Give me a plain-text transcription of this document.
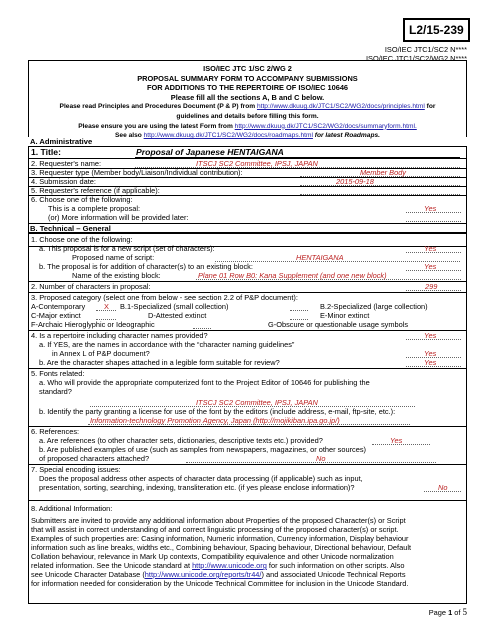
L2/15-239
ISO/IEC JTC1/SC2 N****
ISO/IEC JTC1/SC2/WG2 N****
ISO/IEC JTC 1/SC 2/WG 2
PROPOSAL SUMMARY FORM TO ACCOMPANY SUBMISSIONS
FOR ADDITIONS TO THE REPERTOIRE OF ISO/IEC 10646
Please fill all the sections A, B and C below.
Please read Principles and Procedures Document (P & P) from http://www.dkuug.dk/JTC1/SC2/WG2/docs/principles.html for
guidelines and details before filling this form.
Please ensure you are using the latest Form from http://www.dkuug.dk/JTC1/SC2/WG2/docs/summaryform.html.
See also http://www.dkuug.dk/JTC1/SC2/WG2/docs/roadmaps.html for latest Roadmaps.
A. Administrative
1. Title:	Proposal of Japanese HENTAIGANA
2. Requester's name:	ITSCJ SC2 Committee, IPSJ, JAPAN
3. Requester type (Member body/Liaison/Individual contribution):	Member Body
4. Submission date:	2015-09-18
5. Requester's reference (if applicable):
6. Choose one of the following:
This is a complete proposal:	Yes
(or) More information will be provided later:
B. Technical – General
1. Choose one of the following:
a. This proposal is for a new script (set of characters):	Yes
Proposed name of script:	HENTAIGANA
b. The proposal is for addition of character(s) to an existing block:	Yes
Name of the existing block:	Plane 01 Row B0: Kana Supplement (and one new block)
2. Number of characters in proposal:	299
3. Proposed category (select one from below - see section 2.2 of P&P document):
A-Contemporary	X B.1-Specialized (small collection)	B.2-Specialized (large collection)
C-Major extinct	D-Attested extinct	E-Minor extinct
F-Archaic Hieroglyphic or Ideographic	G-Obscure or questionable usage symbols
4. Is a repertoire including character names provided?	Yes
a. If YES, are the names in accordance with the “character naming guidelines”
in Annex L of P&P document?	Yes
b. Are the character shapes attached in a legible form suitable for review?	Yes
5. Fonts related:
a. Who will provide the appropriate computerized font to the Project Editor of 10646 for publishing the
standard?
ITSCJ SC2 Committee, IPSJ, JAPAN
b. Identify the party granting a license for use of the font by the editors (include address, e-mail, ftp-site, etc.):
Information-technology Promotion Agency, Japan (http://mojikiban.ipa.go.jp/)
6. References:
a. Are references (to other character sets, dictionaries, descriptive texts etc.) provided?	Yes
b. Are published examples of use (such as samples from newspapers, magazines, or other sources)
of proposed characters attached?	No
7. Special encoding issues:
Does the proposal address other aspects of character data processing (if applicable) such as input,
presentation, sorting, searching, indexing, transliteration etc. (if yes please enclose information)?	No
8. Additional Information:
Submitters are invited to provide any additional information about Properties of the proposed Character(s) or Script
that will assist in correct understanding of and correct linguistic processing of the proposed character(s) or script.
Examples of such properties are: Casing information, Numeric information, Currency information, Display behaviour
information such as line breaks, widths etc., Combining behaviour, Spacing behaviour, Directional behaviour, Default
Collation behaviour, relevance in Mark Up contexts, Compatibility equivalence and other Unicode normalization
related information. See the Unicode standard at http://www.unicode.org for such information on other scripts. Also
see Unicode Character Database (http://www.unicode.org/reports/tr44/) and associated Unicode Technical Reports
for information needed for consideration by the Unicode Technical Committee for inclusion in the Unicode Standard.
Page 1 of 5
